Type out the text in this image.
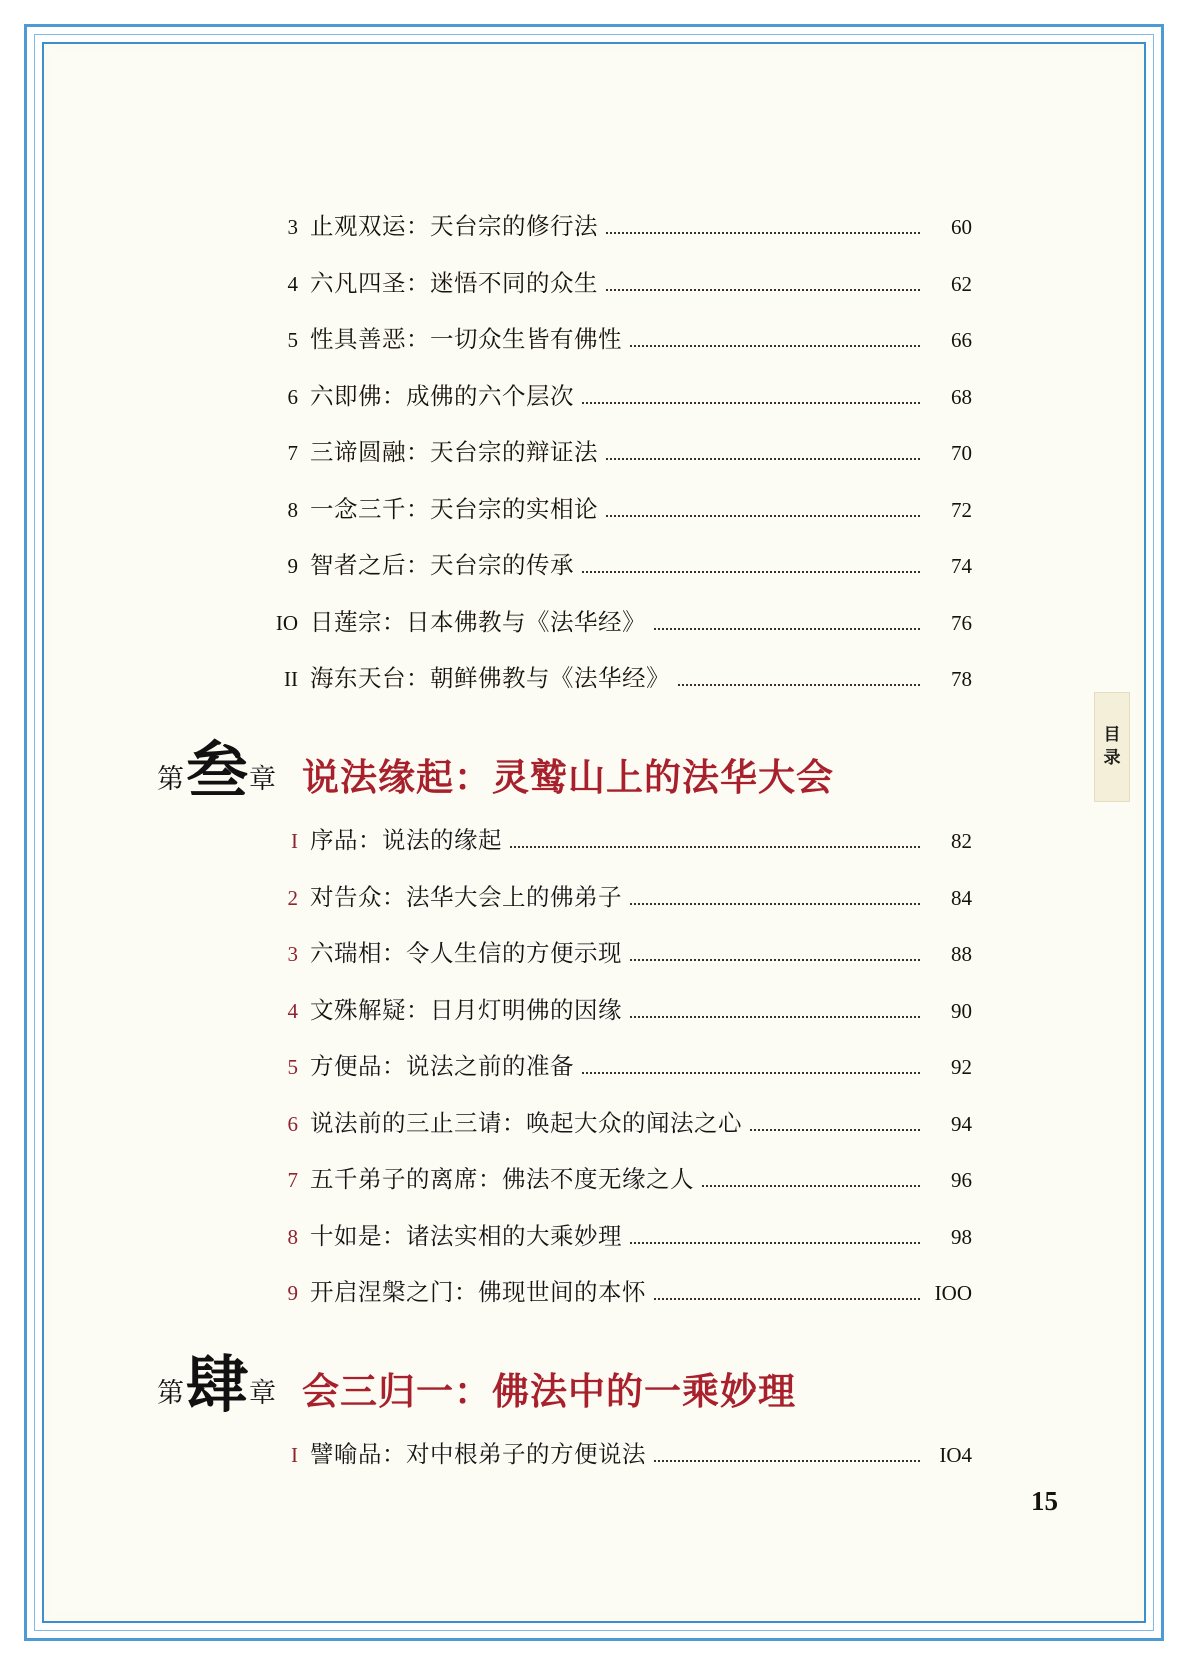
目
录
3 止观双运：天台宗的修行法	60
4 六凡四圣：迷悟不同的众生	62
5 性具善恶：一切众生皆有佛性	66
6 六即佛：成佛的六个层次	68
7 三谛圆融：天台宗的辩证法	70
8 一念三千：天台宗的实相论	72
9 智者之后：天台宗的传承	74
IO 日莲宗：日本佛教与《法华经》	76
II 海东天台：朝鲜佛教与《法华经》	78
第 叁 章 说法缘起：灵鹫山上的法华大会
I 序品：说法的缘起	82
2 对告众：法华大会上的佛弟子	84
3 六瑞相：令人生信的方便示现	88
4 文殊解疑：日月灯明佛的因缘	90
5 方便品：说法之前的准备	92
6 说法前的三止三请：唤起大众的闻法之心	94
7 五千弟子的离席：佛法不度无缘之人	96
8 十如是：诸法实相的大乘妙理	98
9 开启涅槃之门：佛现世间的本怀	IOO
第 肆 章 会三归一：佛法中的一乘妙理
I 譬喻品：对中根弟子的方便说法	IO4
15
